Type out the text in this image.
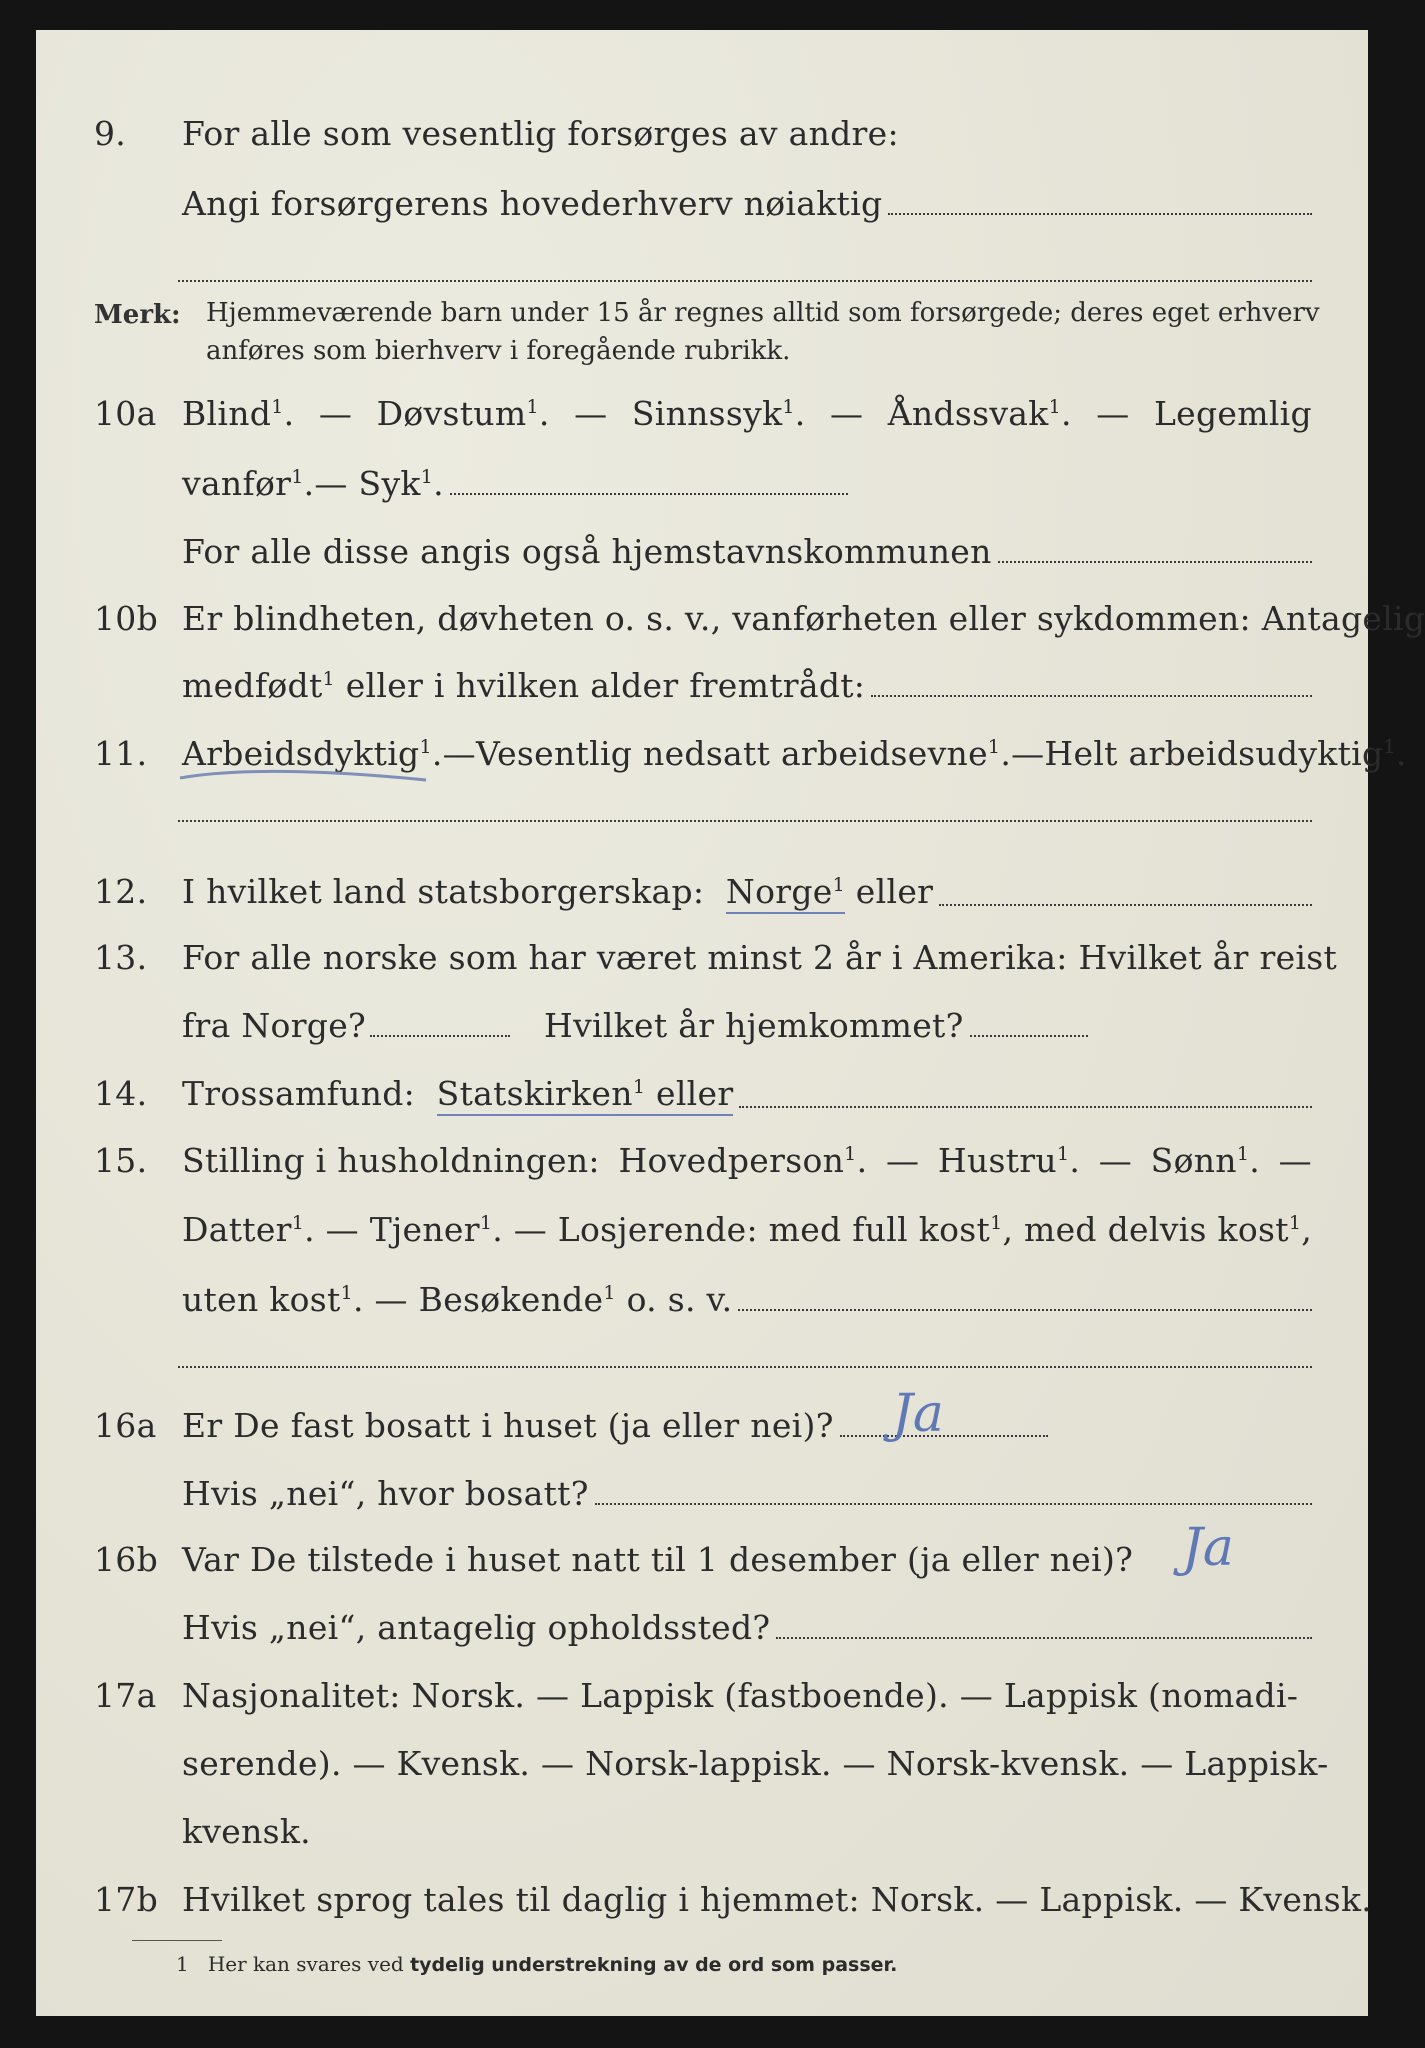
9.	For alle som vesentlig forsørges av andre:
Angi forsørgerens hovederhverv nøiaktig
Merk: Hjemmeværende barn under 15 år regnes alltid som forsørgede; deres eget erhverv
anføres som bierhverv i foregående rubrikk.
10a Blind$^1$. — Døvstum$^1$. — Sinnssyk$^1$. — Åndssvak$^1$. — Legemlig
vanfør$^1$. —
Syk$^1$.
For alle disse angis også hjemstavnskommunen
10b Er blindheten, døvheten o. s. v., vanførheten eller sykdommen: Antagelig
medfødt$^1$ eller i hvilken alder fremtrådt:
11.	Arbeidsdyktig$^1$. — Vesentlig nedsatt arbeidsevne$^1$. — Helt arbeidsudyktig$^1$.
12.	I hvilket land statsborgerskap:
Norge$^1$
eller
13.	For alle norske som har været minst 2 år i Amerika: Hvilket år reist
fra Norge?	Hvilket år hjemkommet?
14.	Trossamfund:
Statskirken$^1$ eller
15.	Stilling i husholdningen: Hovedperson$^1$. — Hustru$^1$. — Sønn$^1$. —
Datter$^1$. — Tjener$^1$. — Losjerende: med full kost$^1$, med delvis kost$^1$,
uten kost$^1$.
—
Besøkende$^1$
o. s. v.
16a Er De fast bosatt i huset (ja eller nei)? Ja
Hvis „nei“, hvor bosatt?
16b Var De tilstede i huset natt til 1 desember (ja eller nei)? Ja
Hvis „nei“, antagelig opholdssted?
17a Nasjonalitet: Norsk. — Lappisk (fastboende). — Lappisk (nomadi-
serende). — Kvensk. — Norsk-lappisk. — Norsk-kvensk. — Lappisk-
kvensk.
17b Hvilket sprog tales til daglig i hjemmet: Norsk. — Lappisk. — Kvensk.
1 Her kan svares ved tydelig understrekning av de ord som passer.
